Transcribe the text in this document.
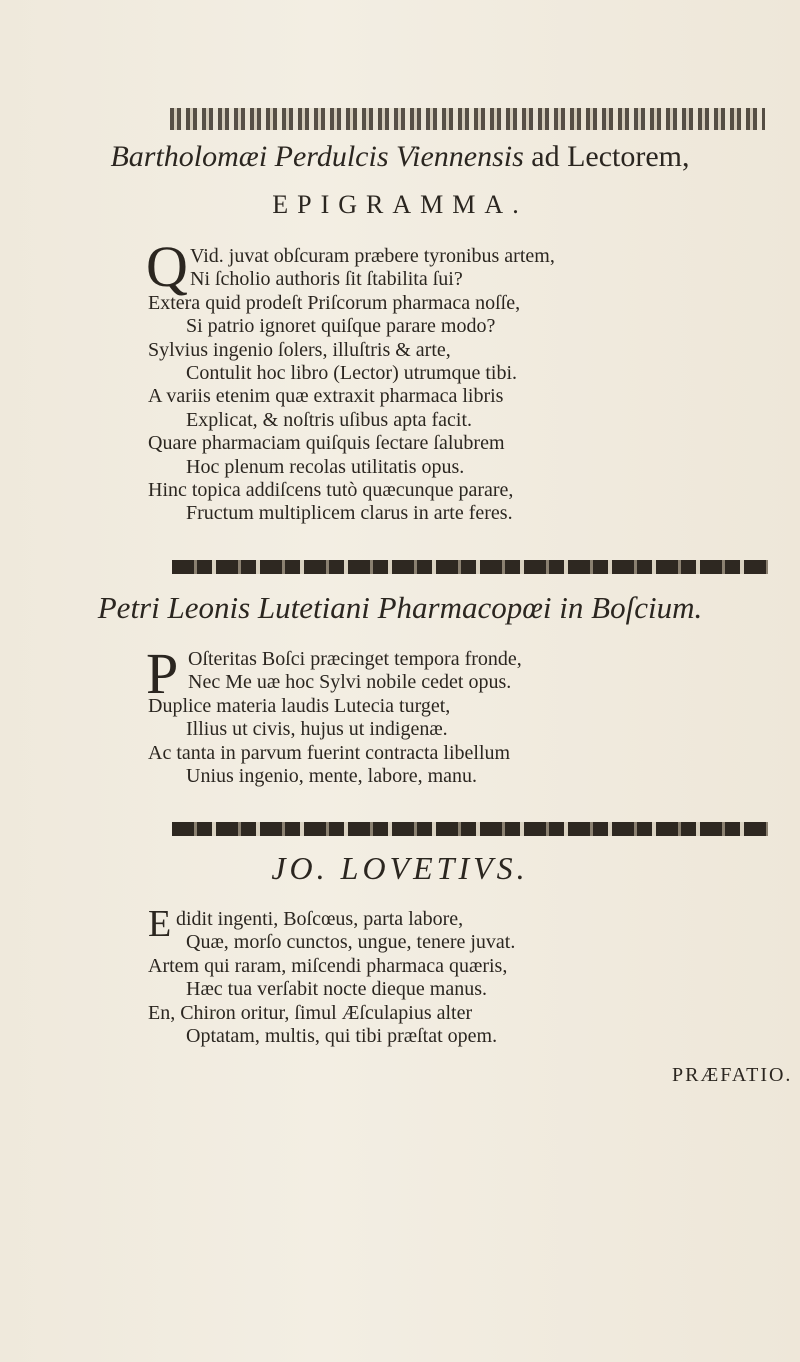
Bartholomæi Perdulcis Viennensis ad Lectorem,
EPIGRAMMA.
Q Vid. juvat obſcuram præbere tyronibus artem,
Ni ſcholio authoris ſit ſtabilita ſui?
Extera quid prodeſt Priſcorum pharmaca noſſe,
Si patrio ignoret quiſque parare modo?
Sylvius ingenio ſolers, illuſtris & arte,
Contulit hoc libro (Lector) utrumque tibi.
A variis etenim quæ extraxit pharmaca libris
Explicat, & noſtris uſibus apta facit.
Quare pharmaciam quiſquis ſectare ſalubrem
Hoc plenum recolas utilitatis opus.
Hinc topica addiſcens tutò quæcunque parare,
Fructum multiplicem clarus in arte feres.
Petri Leonis Lutetiani Pharmacopœi in Boſcium.
P Oſteritas Boſci præcinget tempora fronde,
Nec Me uæ hoc Sylvi nobile cedet opus.
Duplice materia laudis Lutecia turget,
Illius ut civis, hujus ut indigenæ.
Ac tanta in parvum fuerint contracta libellum
Unius ingenio, mente, labore, manu.
JO. LOVETIVS.
E didit ingenti, Boſcœus, parta labore,
Quæ, morſo cunctos, ungue, tenere juvat.
Artem qui raram, miſcendi pharmaca quæris,
Hæc tua verſabit nocte dieque manus.
En, Chiron oritur, ſimul Æſculapius alter
Optatam, multis, qui tibi præſtat opem.
PRÆFATIO.
